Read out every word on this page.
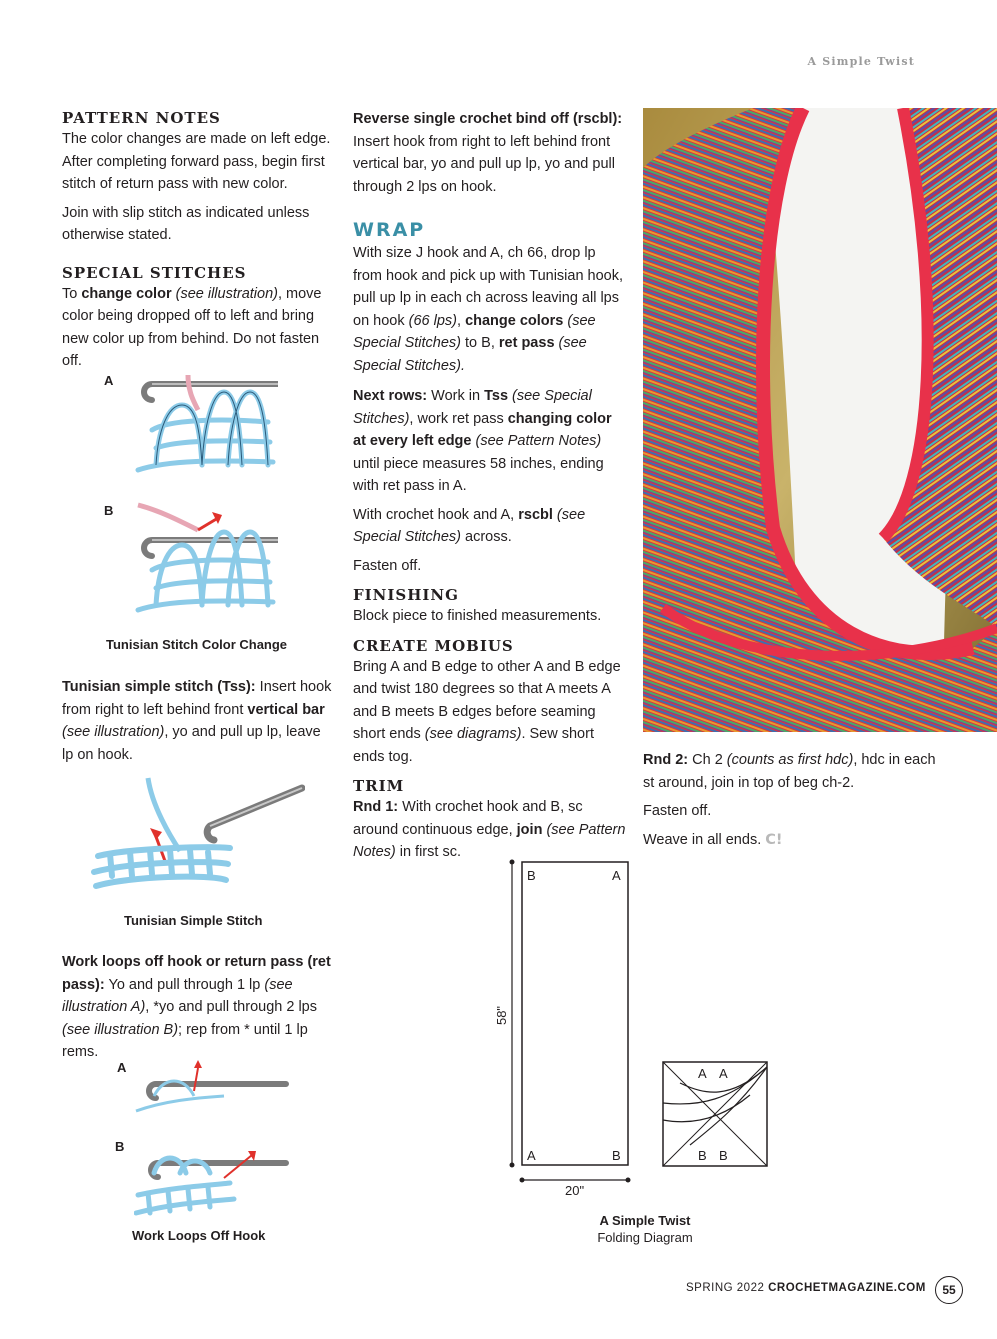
A Simple Twist
PATTERN NOTES

The color changes are made on left edge. After completing forward pass, begin first stitch of return pass with new color.

Join with slip stitch as indicated unless otherwise stated.

SPECIAL STITCHES

To change color (see illustration), move color being dropped off to left and bring new color up from behind. Do not fasten off.

A
B
Tunisian Stitch Color Change

Tunisian simple stitch (Tss): Insert hook from right to left behind front vertical bar (see illustration), yo and pull up lp, leave lp on hook.

Tunisian Simple Stitch

Work loops off hook or return pass (ret pass): Yo and pull through 1 lp (see illustration A), *yo and pull through 2 lps (see illustration B); rep from * until 1 lp rems.

A
B
Work Loops Off Hook

Reverse single crochet bind off (rscbl): Insert hook from right to left behind front vertical bar, yo and pull up lp, yo and pull through 2 lps on hook.

WRAP

With size J hook and A, ch 66, drop lp from hook and pick up with Tunisian hook, pull up lp in each ch across leaving all lps on hook (66 lps), change colors (see Special Stitches) to B, ret pass (see Special Stitches).

Next rows: Work in Tss (see Special Stitches), work ret pass changing color at every left edge (see Pattern Notes) until piece measures 58 inches, ending with ret pass in A.

With crochet hook and A, rscbl (see Special Stitches) across.

Fasten off.

FINISHING

Block piece to finished measurements.

CREATE MOBIUS

Bring A and B edge to other A and B edge and twist 180 degrees so that A meets A and B meets B edges before seaming short ends (see diagrams). Sew short ends tog.

TRIM

Rnd 1: With crochet hook and B, sc around continuous edge, join (see Pattern Notes) in first sc.

Rnd 2: Ch 2 (counts as first hdc), hdc in each st around, join in top of beg ch-2.

Fasten off.

Weave in all ends. C!

B	A
A	B
58"
20"
A A
B B
A Simple Twist
Folding Diagram
SPRING 2022 CROCHETMAGAZINE.COM	55
